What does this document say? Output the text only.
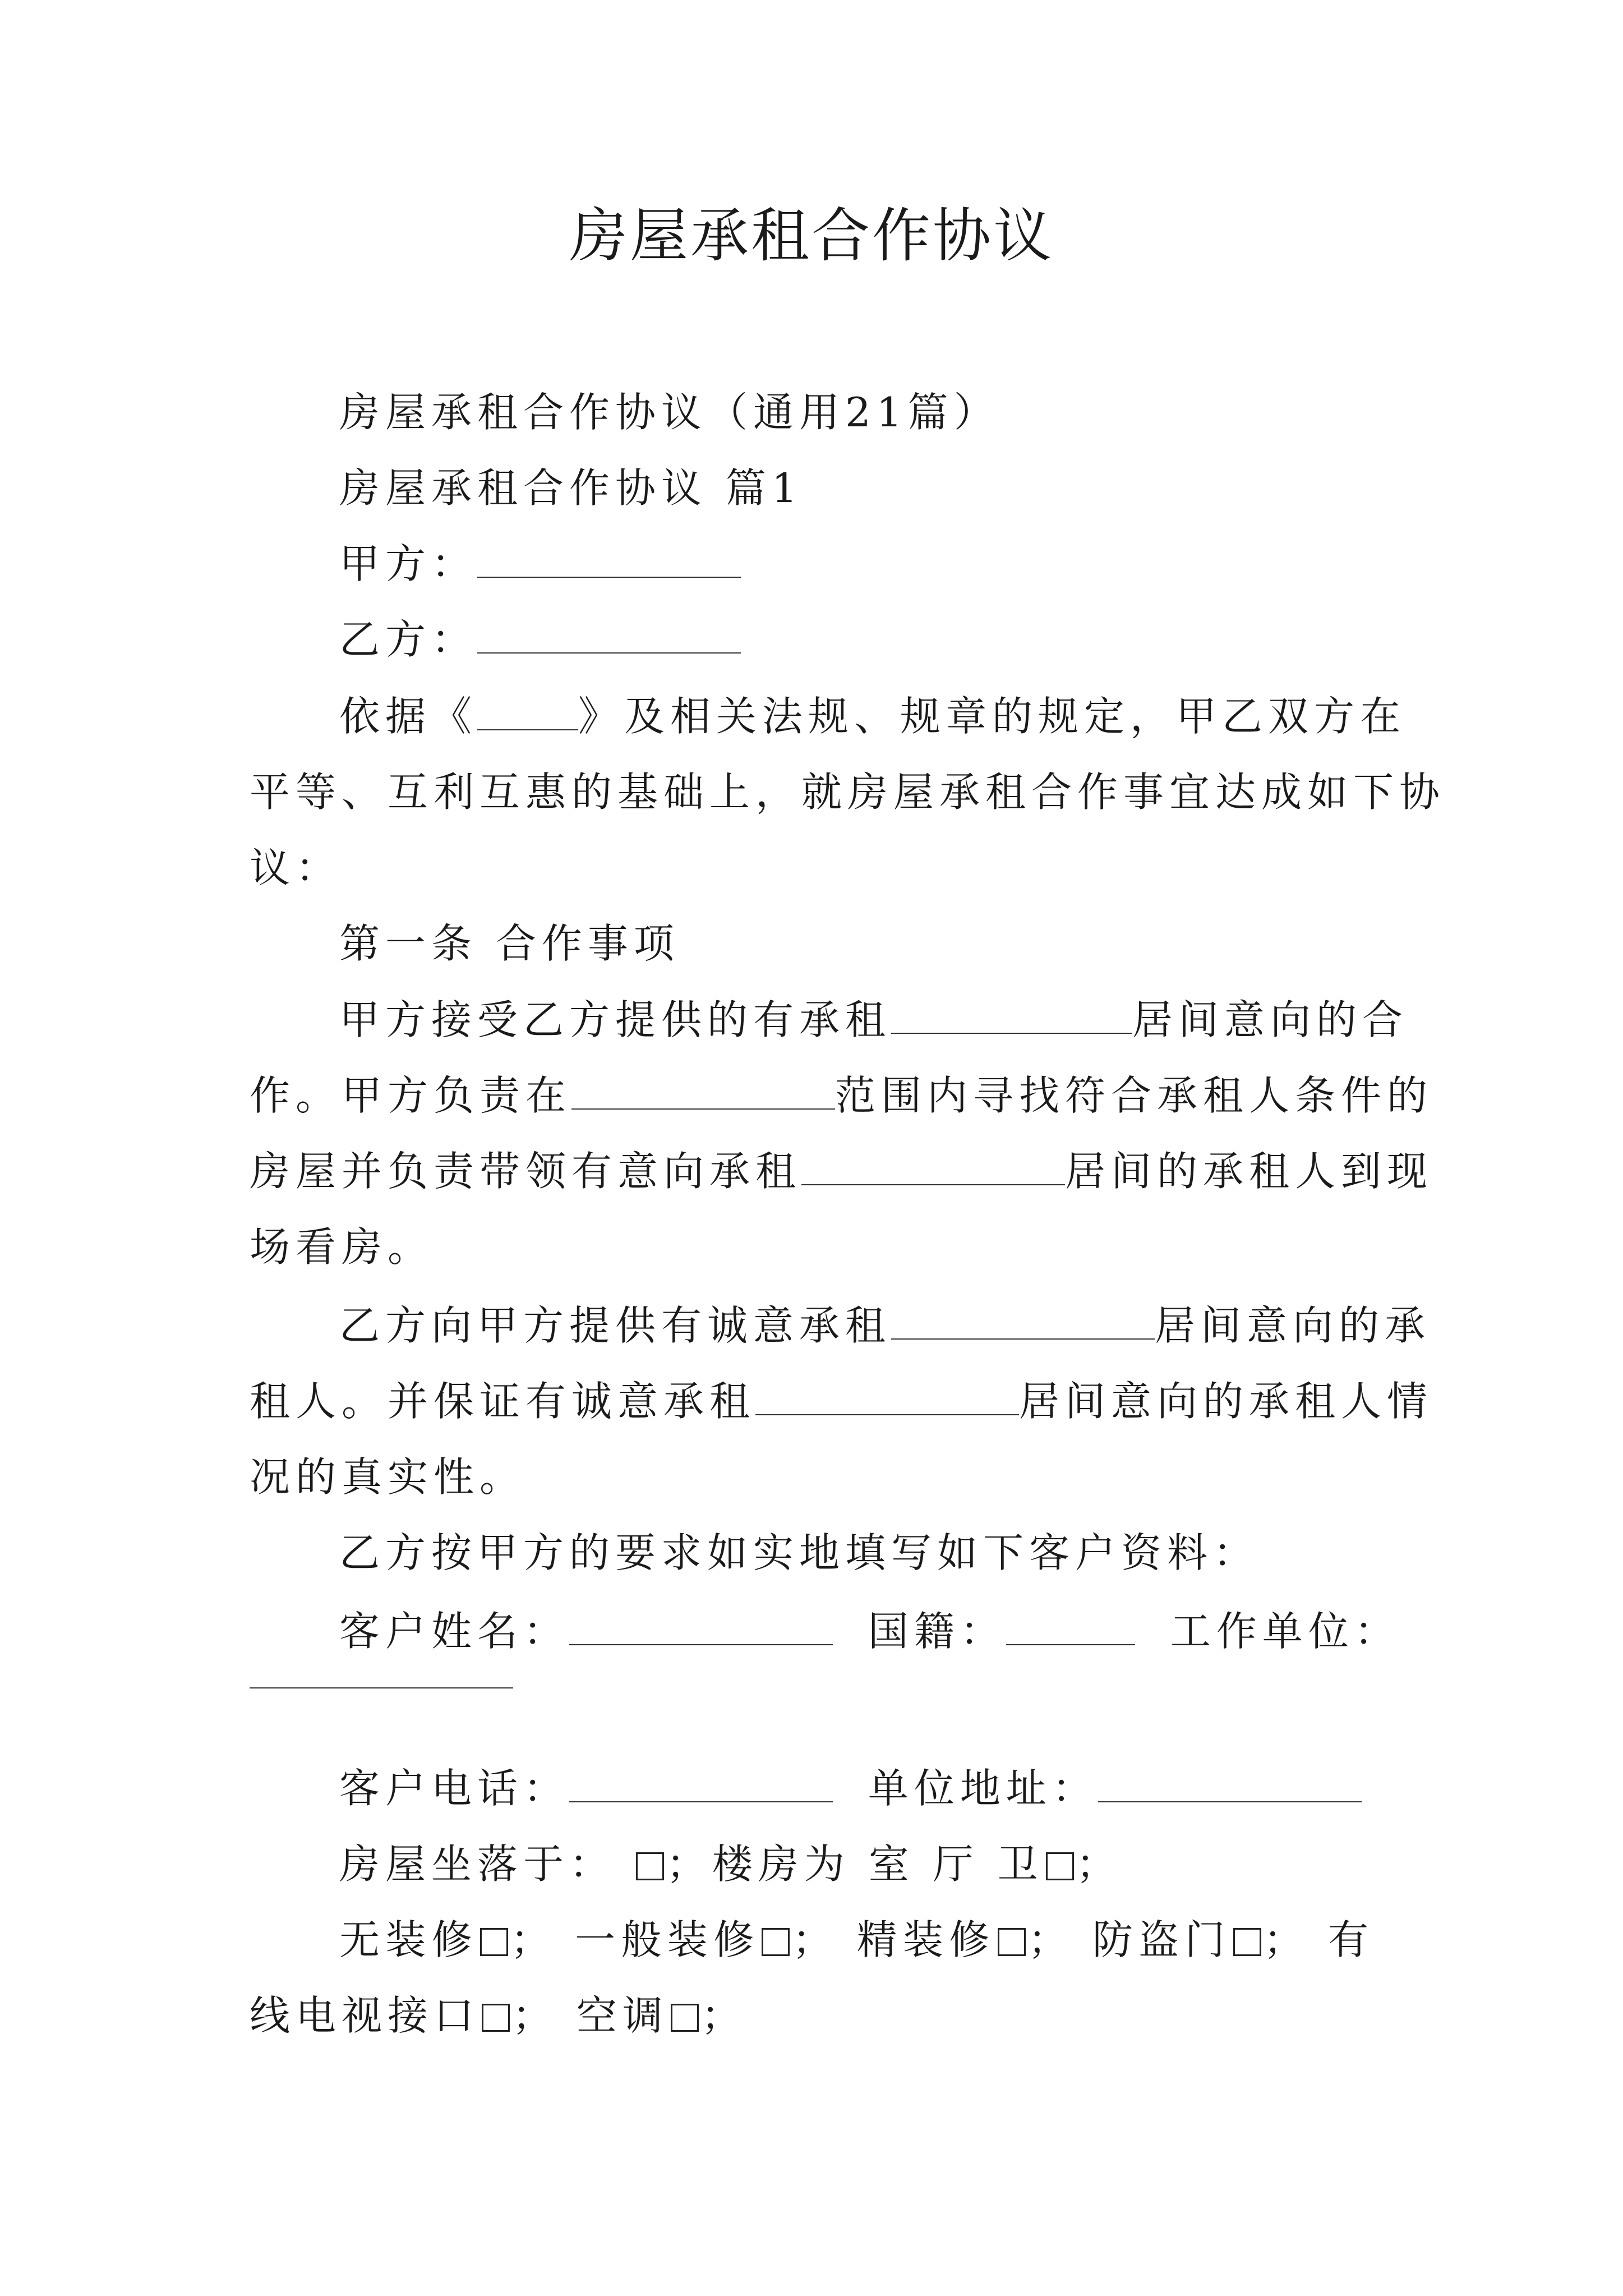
房屋承租合作协议
房屋承租合作协议（通用21篇）
房屋承租合作协议 篇1
甲方：
乙方：
依据《	》及相关法规、规章的规定，甲乙双方在
平等、互利互惠的基础上，就房屋承租合作事宜达成如下协
议：
第一条 合作事项
甲方接受乙方提供的有承租	居间意向的合
作。甲方负责在	范围内寻找符合承租人条件的
房屋并负责带领有意向承租	居间的承租人到现
场看房。
乙方向甲方提供有诚意承租	居间意向的承
租人。并保证有诚意承租	居间意向的承租人情
况的真实性。
乙方按甲方的要求如实地填写如下客户资料：
客户姓名：	国籍：	工作单位：
客户电话：	单位地址：
房屋坐落于： ；楼房为 室 厅 卫 ；
无装修 ； 一般装修 ； 精装修 ； 防盗门 ； 有
线电视接口 ； 空调 ；
